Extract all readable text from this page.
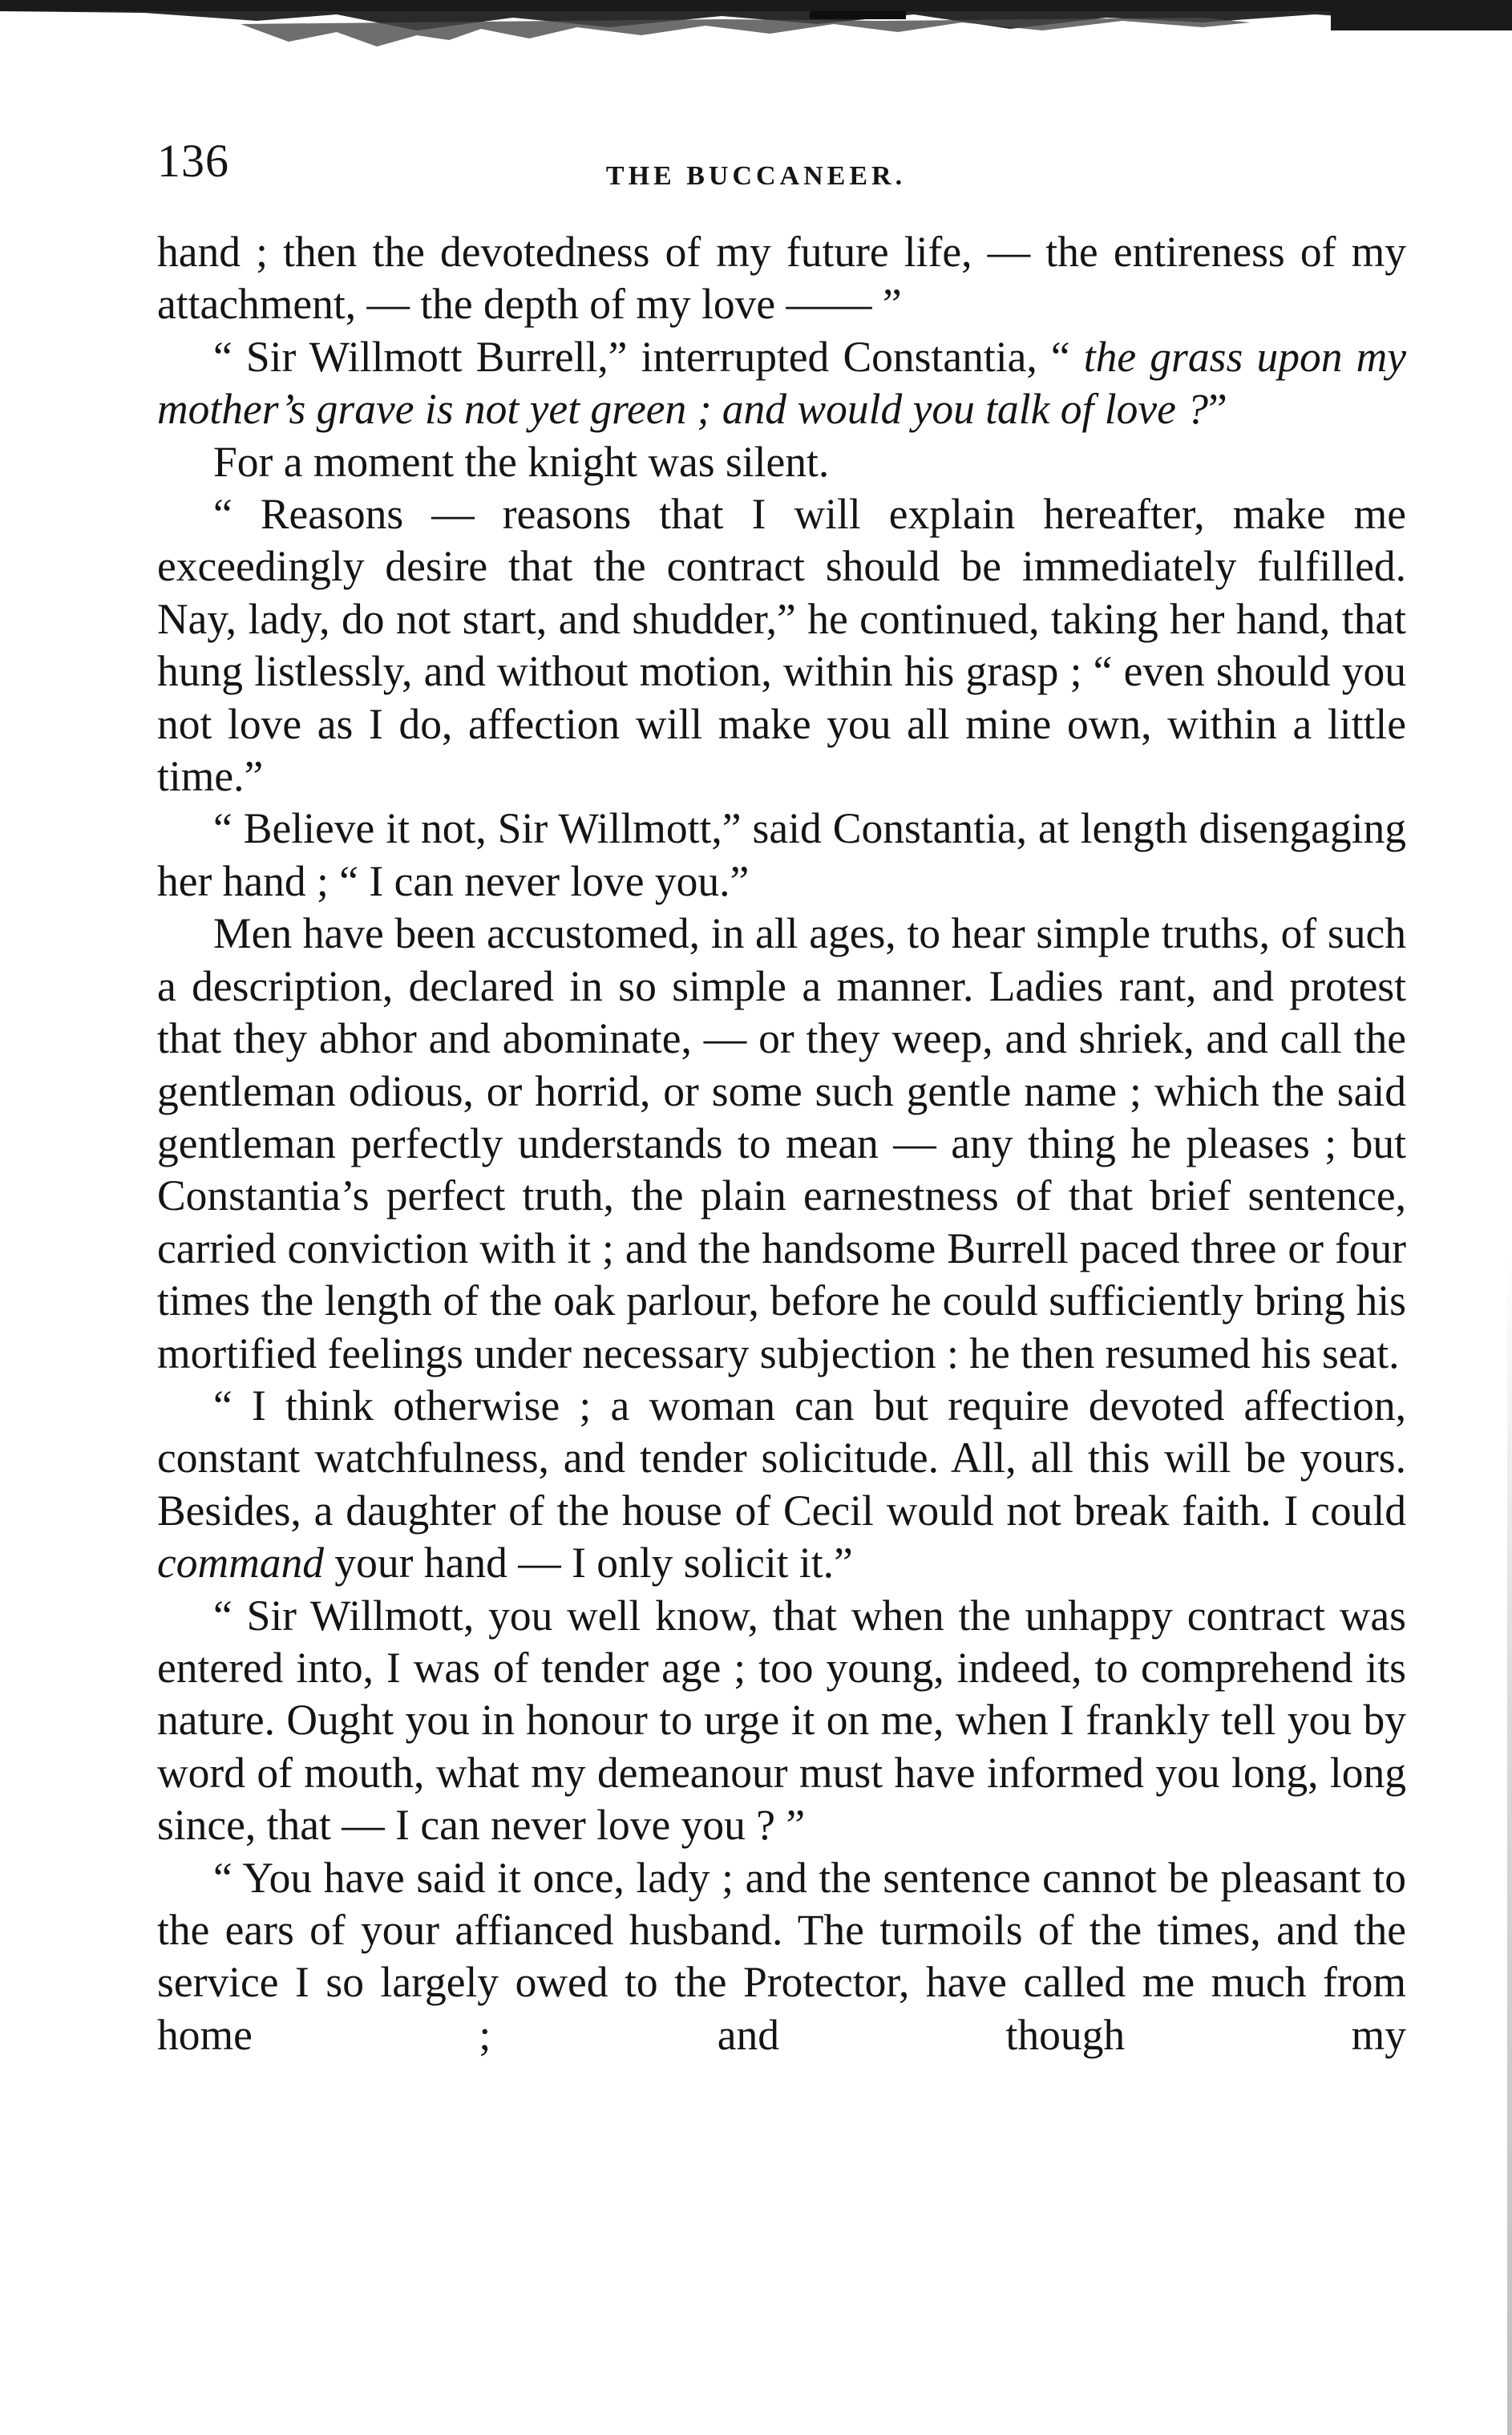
136	THE BUCCANEER.

hand ; then the devotedness of my future life, — the entireness of my attachment, — the depth of my love —— ”

“ Sir Willmott Burrell,” interrupted Constantia, “ the grass upon my mother’s grave is not yet green ; and would you talk of love ?”

For a moment the knight was silent.

“ Reasons — reasons that I will explain hereafter, make me exceedingly desire that the contract should be immediately fulfilled. Nay, lady, do not start, and shudder,” he continued, taking her hand, that hung listlessly, and without motion, within his grasp ; “ even should you not love as I do, affection will make you all mine own, within a little time.”

“ Believe it not, Sir Willmott,” said Constantia, at length disengaging her hand ; “ I can never love you.”

Men have been accustomed, in all ages, to hear simple truths, of such a description, declared in so simple a manner. Ladies rant, and protest that they abhor and abominate, — or they weep, and shriek, and call the gentleman odious, or horrid, or some such gentle name ; which the said gentleman perfectly understands to mean — any thing he pleases ; but Constantia’s perfect truth, the plain earnestness of that brief sentence, carried conviction with it ; and the handsome Burrell paced three or four times the length of the oak parlour, before he could sufficiently bring his mortified feelings under necessary subjection : he then resumed his seat.

“ I think otherwise ; a woman can but require devoted affection, constant watchfulness, and tender solicitude. All, all this will be yours. Besides, a daughter of the house of Cecil would not break faith. I could command your hand — I only solicit it.”

“ Sir Willmott, you well know, that when the unhappy contract was entered into, I was of tender age ; too young, indeed, to comprehend its nature. Ought you in honour to urge it on me, when I frankly tell you by word of mouth, what my demeanour must have informed you long, long since, that — I can never love you ? ”

“ You have said it once, lady ; and the sentence cannot be pleasant to the ears of your affianced husband. The turmoils of the times, and the service I so largely owed to the Protector, have called me much from home ; and though my
